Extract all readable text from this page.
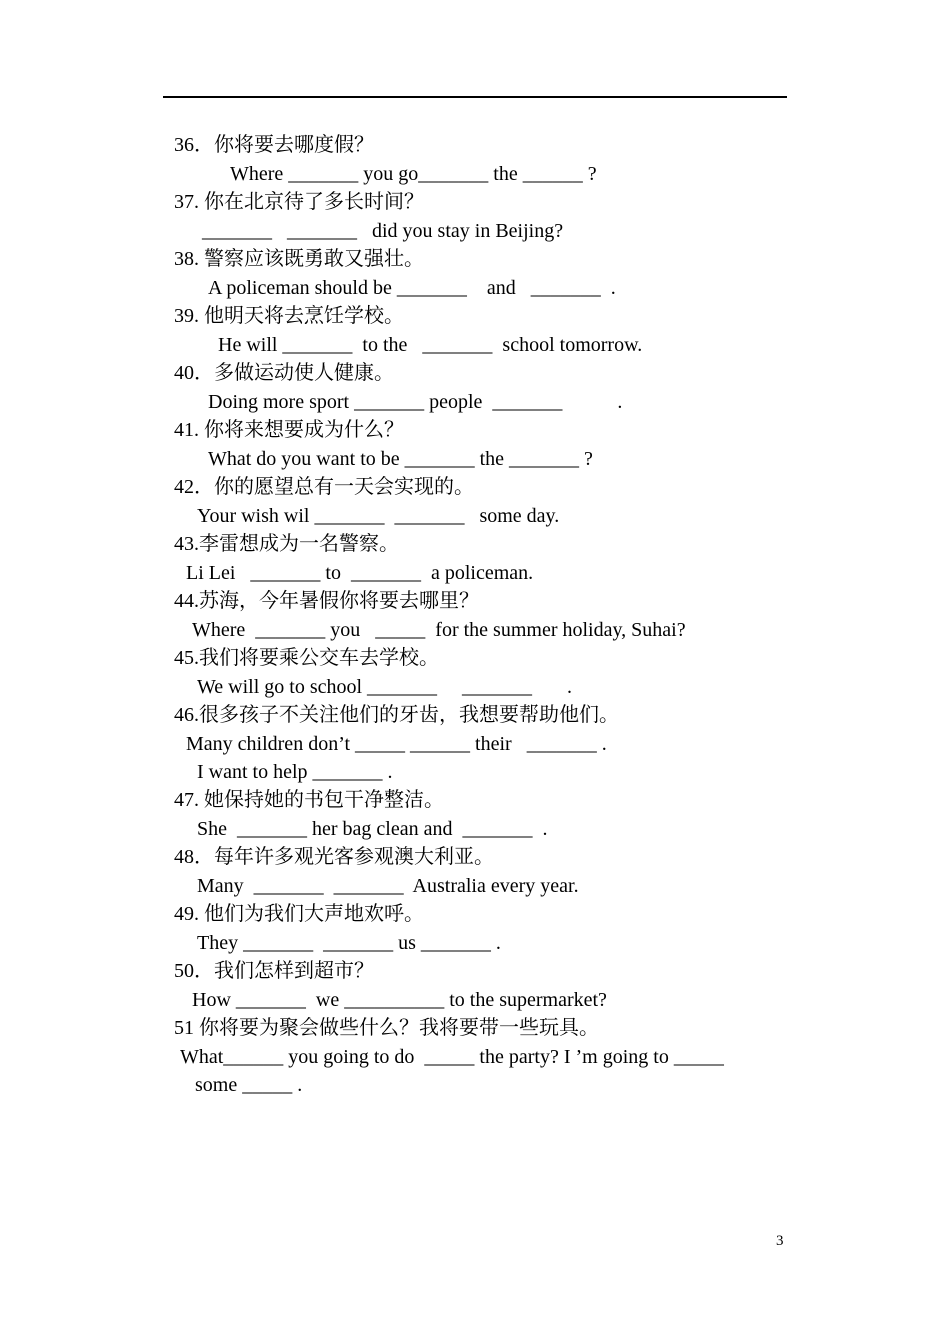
36．你将要去哪度假？
Where _______ you go_______ the ______ ?
37. 你在北京待了多长时间？
_______   _______   did you stay in Beijing?
38. 警察应该既勇敢又强壮。
A policeman should be _______    and   _______  .
39. 他明天将去烹饪学校。
He will _______  to the   _______  school tomorrow.
40．多做运动使人健康。
Doing more sport _______ people  _______           .
41. 你将来想要成为什么？
What do you want to be _______ the _______ ?
42．你的愿望总有一天会实现的。
Your wish wil _______  _______   some day.
43.李雷想成为一名警察。
Li Lei   _______ to  _______  a policeman.
44.苏海，今年暑假你将要去哪里？
Where  _______ you   _____  for the summer holiday, Suhai?
45.我们将要乘公交车去学校。
We will go to school _______     _______       .
46.很多孩子不关注他们的牙齿，我想要帮助他们。
Many children don’t _____ ______ their   _______ .
I want to help _______ .
47. 她保持她的书包干净整洁。
She  _______ her bag clean and  _______  .
48．每年许多观光客参观澳大利亚。
Many  _______  _______  Australia every year.
49. 他们为我们大声地欢呼。
They _______  _______ us _______ .
50．我们怎样到超市？
How _______  we __________ to the supermarket?
51 你将要为聚会做些什么？我将要带一些玩具。
What______ you going to do  _____ the party? I ’m going to _____
some _____ .
3
